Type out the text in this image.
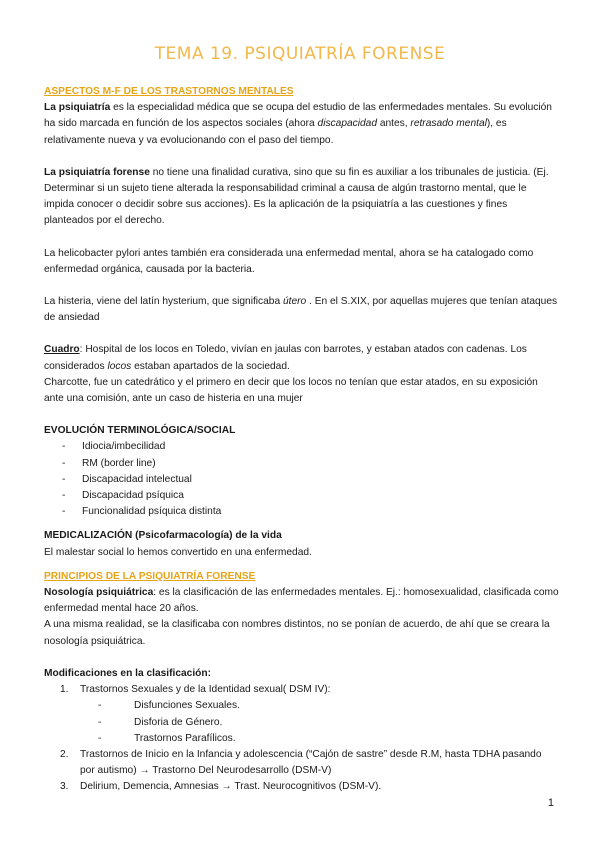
TEMA 19. PSIQUIATRÍA FORENSE

ASPECTOS M-F DE LOS TRASTORNOS MENTALES

La psiquiatría es la especialidad médica que se ocupa del estudio de las enfermedades mentales. Su evolución ha sido marcada en función de los aspectos sociales (ahora discapacidad antes, retrasado mental), es relativamente nueva y va evolucionando con el paso del tiempo.

La psiquiatría forense no tiene una finalidad curativa, sino que su fin es auxiliar a los tribunales de justicia. (Ej. Determinar si un sujeto tiene alterada la responsabilidad criminal a causa de algún trastorno mental, que le impida conocer o decidir sobre sus acciones). Es la aplicación de la psiquiatría a las cuestiones y fines planteados por el derecho.

La helicobacter pylori antes también era considerada una enfermedad mental, ahora se ha catalogado como enfermedad orgánica, causada por la bacteria.

La histeria, viene del latín hysterium, que significaba útero . En el S.XIX, por aquellas mujeres que tenían ataques de ansiedad

Cuadro: Hospital de los locos en Toledo, vivían en jaulas con barrotes, y estaban atados con cadenas. Los considerados locos estaban apartados de la sociedad.

Charcotte, fue un catedrático y el primero en decir que los locos no tenían que estar atados, en su exposición ante una comisión, ante un caso de histeria en una mujer

EVOLUCIÓN TERMINOLÓGICA/SOCIAL

- Idiocia/imbecilidad
- RM (border line)
- Discapacidad intelectual
- Discapacidad psíquica
- Funcionalidad psíquica distinta

MEDICALIZACIÓN (Psicofarmacología) de la vida

El malestar social lo hemos convertido en una enfermedad.

PRINCIPIOS DE LA PSIQUIATRÍA FORENSE

Nosología psiquiátrica: es la clasificación de las enfermedades mentales. Ej.: homosexualidad, clasificada como enfermedad mental hace 20 años.

A una misma realidad, se la clasificaba con nombres distintos, no se ponían de acuerdo, de ahí que se creara la nosología psiquiátrica.

Modificaciones en la clasificación:

1. Trastornos Sexuales y de la Identidad sexual( DSM IV):
- Disfunciones Sexuales.
- Disforia de Género.
- Trastornos Parafílicos.
2. Trastornos de Inicio en la Infancia y adolescencia (“Cajón de sastre” desde R.M, hasta TDHA pasando por autismo) → Trastorno Del Neurodesarrollo (DSM-V)
3. Delirium, Demencia, Amnesias → Trast. Neurocognitivos (DSM-V).
1
